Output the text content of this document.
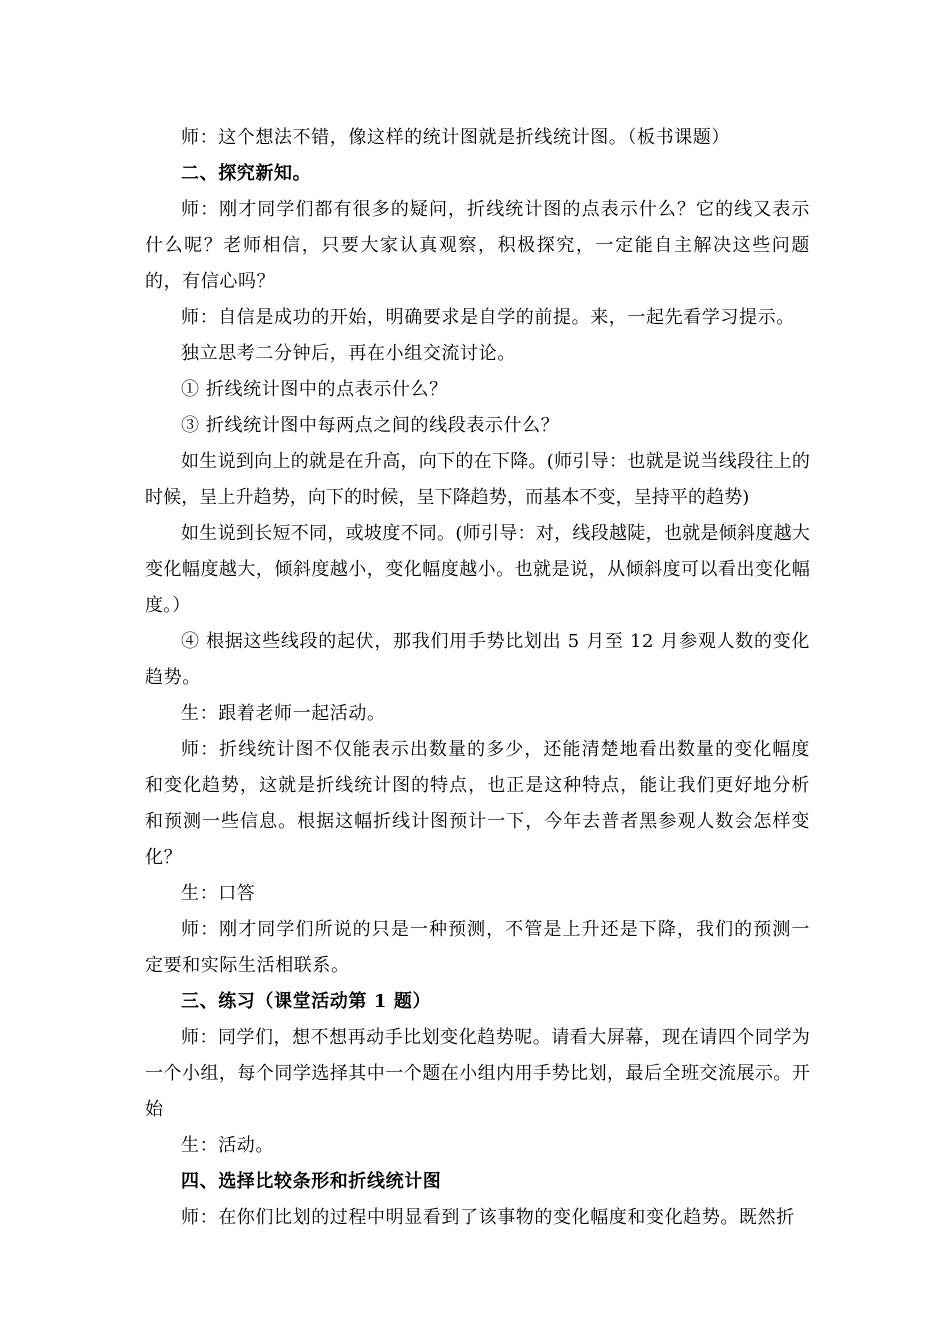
师：这个想法不错，像这样的统计图就是折线统计图。（板书课题）

二、探究新知。

师：刚才同学们都有很多的疑问，折线统计图的点表示什么？它的线又表示什么呢？老师相信，只要大家认真观察，积极探究，一定能自主解决这些问题的，有信心吗？

师：自信是成功的开始，明确要求是自学的前提。来，一起先看学习提示。

独立思考二分钟后，再在小组交流讨论。

① 折线统计图中的点表示什么？

③ 折线统计图中每两点之间的线段表示什么？

如生说到向上的就是在升高，向下的在下降。(师引导：也就是说当线段往上的时候，呈上升趋势，向下的时候，呈下降趋势，而基本不变，呈持平的趋势)

如生说到长短不同，或坡度不同。(师引导：对，线段越陡，也就是倾斜度越大变化幅度越大，倾斜度越小，变化幅度越小。也就是说，从倾斜度可以看出变化幅度。）

④ 根据这些线段的起伏，那我们用手势比划出 5 月至 12 月参观人数的变化趋势。

生：跟着老师一起活动。

师：折线统计图不仅能表示出数量的多少，还能清楚地看出数量的变化幅度和变化趋势，这就是折线统计图的特点，也正是这种特点，能让我们更好地分析和预测一些信息。根据这幅折线计图预计一下，今年去普者黑参观人数会怎样变化？

生：口答

师：刚才同学们所说的只是一种预测，不管是上升还是下降，我们的预测一定要和实际生活相联系。

三、练习（课堂活动第 1 题）

师：同学们，想不想再动手比划变化趋势呢。请看大屏幕，现在请四个同学为一个小组，每个同学选择其中一个题在小组内用手势比划，最后全班交流展示。开始

生：活动。

四、选择比较条形和折线统计图

师：在你们比划的过程中明显看到了该事物的变化幅度和变化趋势。既然折
